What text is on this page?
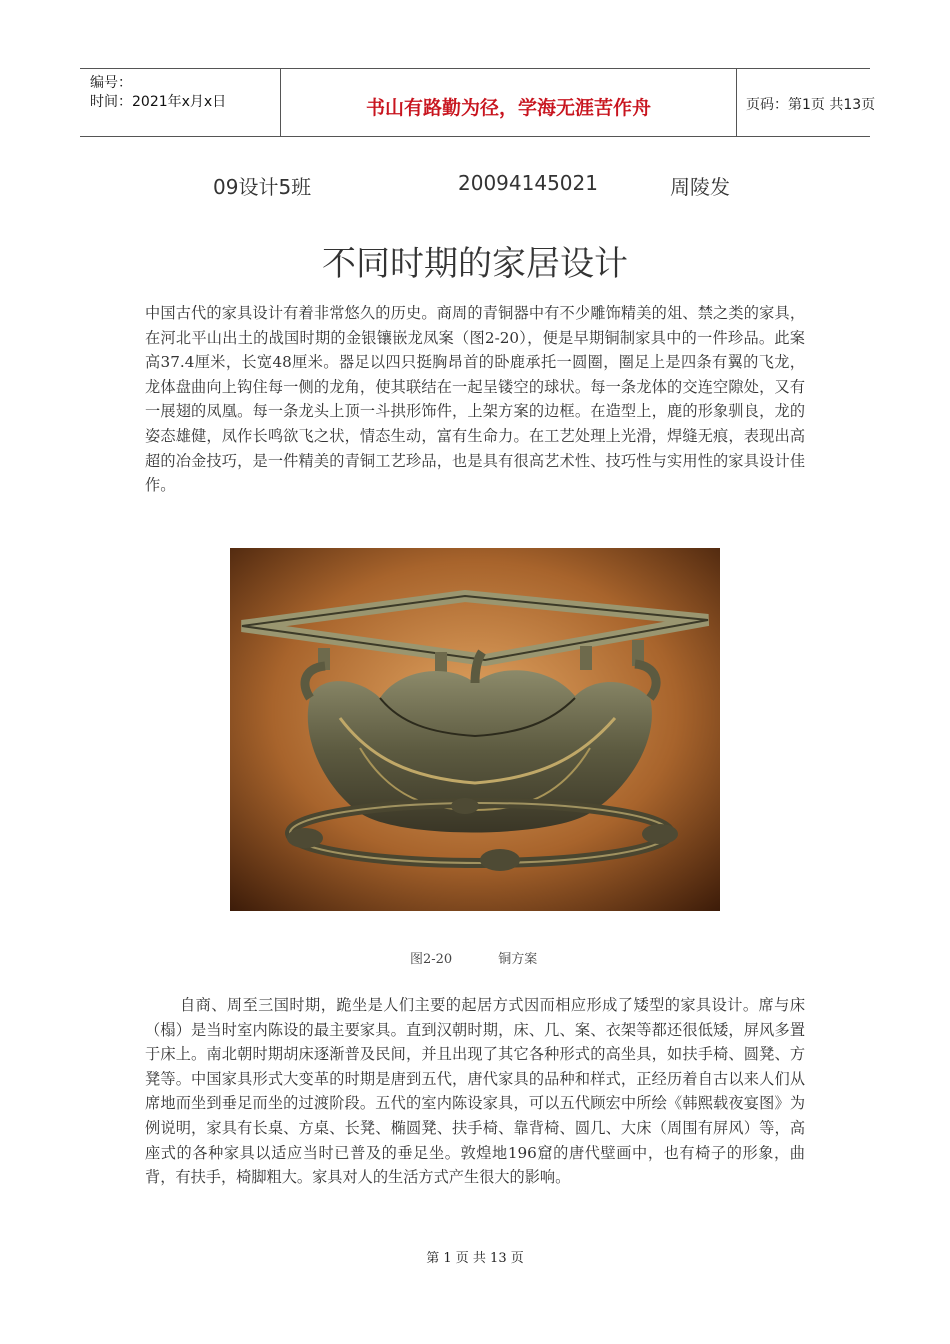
编号：
时间：2021年x月x日	书山有路勤为径，学海无涯苦作舟	页码：第1页 共13页
09设计5班	20094145021	周陵发
不同时期的家居设计

中国古代的家具设计有着非常悠久的历史。商周的青铜器中有不少雕饰精美的俎、禁之类的家具，在河北平山出土的战国时期的金银镶嵌龙凤案（图2-20），便是早期铜制家具中的一件珍品。此案高37.4厘米，长宽48厘米。器足以四只挺胸昂首的卧鹿承托一圆圈，圈足上是四条有翼的飞龙，龙体盘曲向上钩住每一侧的龙角，使其联结在一起呈镂空的球状。每一条龙体的交连空隙处，又有一展翅的凤凰。每一条龙头上顶一斗拱形饰件，上架方案的边框。在造型上，鹿的形象驯良，龙的姿态雄健，凤作长鸣欲飞之状，情态生动，富有生命力。在工艺处理上光滑，焊缝无痕，表现出高超的冶金技巧，是一件精美的青铜工艺珍品，也是具有很高艺术性、技巧性与实用性的家具设计佳作。

图2-20	铜方案

自商、周至三国时期，跪坐是人们主要的起居方式因而相应形成了矮型的家具设计。席与床（榻）是当时室内陈设的最主要家具。直到汉朝时期，床、几、案、衣架等都还很低矮，屏风多置于床上。南北朝时期胡床逐渐普及民间，并且出现了其它各种形式的高坐具，如扶手椅、圆凳、方凳等。中国家具形式大变革的时期是唐到五代，唐代家具的品种和样式，正经历着自古以来人们从席地而坐到垂足而坐的过渡阶段。五代的室内陈设家具，可以五代顾宏中所绘《韩熙载夜宴图》为例说明，家具有长桌、方桌、长凳、椭圆凳、扶手椅、靠背椅、圆几、大床（周围有屏风）等，高座式的各种家具以适应当时已普及的垂足坐。敦煌地196窟的唐代壁画中，也有椅子的形象，曲背，有扶手，椅脚粗大。家具对人的生活方式产生很大的影响。

第 1 页 共 13 页
